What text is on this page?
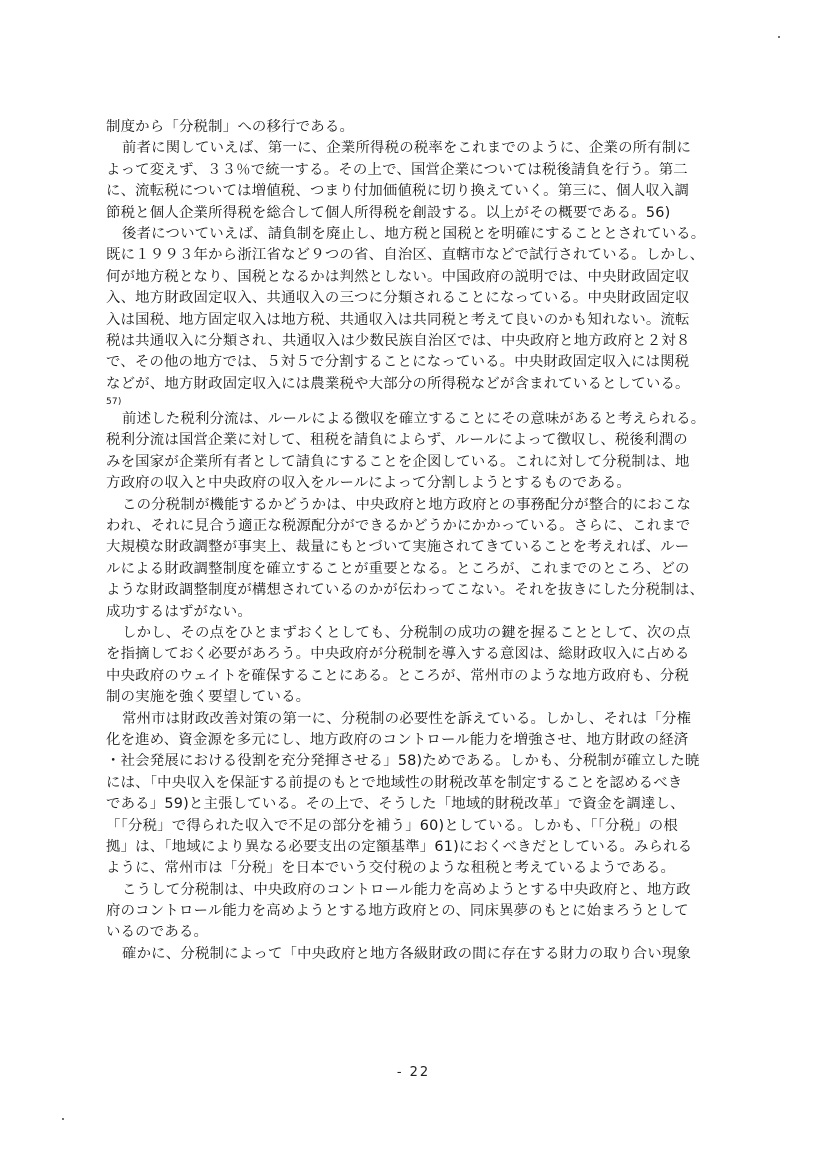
制度から「分税制」への移行である。
前者に関していえば、第一に、企業所得税の税率をこれまでのように、企業の所有制に
よって変えず、３３％で統一する。その上で、国営企業については税後請負を行う。第二
に、流転税については増値税、つまり付加価値税に切り換えていく。第三に、個人収入調
節税と個人企業所得税を総合して個人所得税を創設する。以上がその概要である。56)
後者についていえば、請負制を廃止し、地方税と国税とを明確にすることとされている。
既に１９９３年から浙江省など９つの省、自治区、直轄市などで試行されている。しかし、
何が地方税となり、国税となるかは判然としない。中国政府の説明では、中央財政固定収
入、地方財政固定収入、共通収入の三つに分類されることになっている。中央財政固定収
入は国税、地方固定収入は地方税、共通収入は共同税と考えて良いのかも知れない。流転
税は共通収入に分類され、共通収入は少数民族自治区では、中央政府と地方政府と２対８
で、その他の地方では、５対５で分割することになっている。中央財政固定収入には関税
などが、地方財政固定収入には農業税や大部分の所得税などが含まれているとしている。
57)
前述した税利分流は、ルールによる徴収を確立することにその意味があると考えられる。
税利分流は国営企業に対して、租税を請負によらず、ルールによって徴収し、税後利潤の
みを国家が企業所有者として請負にすることを企図している。これに対して分税制は、地
方政府の収入と中央政府の収入をルールによって分割しようとするものである。
この分税制が機能するかどうかは、中央政府と地方政府との事務配分が整合的におこな
われ、それに見合う適正な税源配分ができるかどうかにかかっている。さらに、これまで
大規模な財政調整が事実上、裁量にもとづいて実施されてきていることを考えれば、ルー
ルによる財政調整制度を確立することが重要となる。ところが、これまでのところ、どの
ような財政調整制度が構想されているのかが伝わってこない。それを抜きにした分税制は、
成功するはずがない。
しかし、その点をひとまずおくとしても、分税制の成功の鍵を握ることとして、次の点
を指摘しておく必要があろう。中央政府が分税制を導入する意図は、総財政収入に占める
中央政府のウェイトを確保することにある。ところが、常州市のような地方政府も、分税
制の実施を強く要望している。
常州市は財政改善対策の第一に、分税制の必要性を訴えている。しかし、それは「分権
化を進め、資金源を多元にし、地方政府のコントロール能力を増強させ、地方財政の経済
・社会発展における役割を充分発揮させる」58)ためである。しかも、分税制が確立した暁
には、「中央収入を保証する前提のもとで地域性の財税改革を制定することを認めるべき
である」59)と主張している。その上で、そうした「地域的財税改革」で資金を調達し、
「「分税」で得られた収入で不足の部分を補う」60)としている。しかも、「「分税」の根
拠」は、「地域により異なる必要支出の定額基準」61)におくべきだとしている。みられる
ように、常州市は「分税」を日本でいう交付税のような租税と考えているようである。
こうして分税制は、中央政府のコントロール能力を高めようとする中央政府と、地方政
府のコントロール能力を高めようとする地方政府との、同床異夢のもとに始まろうとして
いるのである。
確かに、分税制によって「中央政府と地方各級財政の間に存在する財力の取り合い現象
- 22
